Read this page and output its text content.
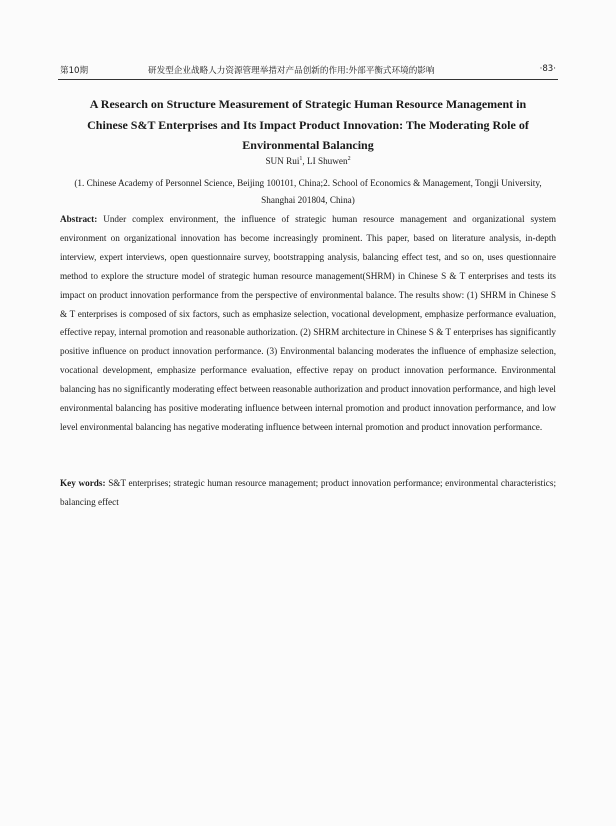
第10期	研发型企业战略人力资源管理举措对产品创新的作用:外部平衡式环境的影响	·83·
A Research on Structure Measurement of Strategic Human Resource Management in Chinese S&T Enterprises and Its Impact Product Innovation: The Moderating Role of Environmental Balancing
SUN Rui$^1$, LI Shuwen$^2$
(1. Chinese Academy of Personnel Science, Beijing 100101, China;2. School of Economics & Management, Tongji University, Shanghai 201804, China)
Abstract: Under complex environment, the influence of strategic human resource management and organizational system environment on organizational innovation has become increasingly prominent. This paper, based on literature analysis, in-depth interview, expert interviews, open questionnaire survey, bootstrapping analysis, balancing effect test, and so on, uses questionnaire method to explore the structure model of strategic human resource management(SHRM) in Chinese S & T enterprises and tests its impact on product innovation performance from the perspective of environmental balance. The results show: (1) SHRM in Chinese S & T enterprises is composed of six factors, such as emphasize selection, vocational development, emphasize performance evaluation, effective repay, internal promotion and reasonable authorization. (2) SHRM architecture in Chinese S & T enterprises has significantly positive influence on product innovation performance. (3) Environmental balancing moderates the influence of emphasize selection, vocational development, emphasize performance evaluation, effective repay on product innovation performance. Environmental balancing has no significantly moderating effect between reasonable authorization and product innovation performance, and high level environmental balancing has positive moderating influence between internal promotion and product innovation performance, and low level environmental balancing has negative moderating influence between internal promotion and product innovation performance.
Key words: S&T enterprises; strategic human resource management; product innovation performance; environmental characteristics; balancing effect
